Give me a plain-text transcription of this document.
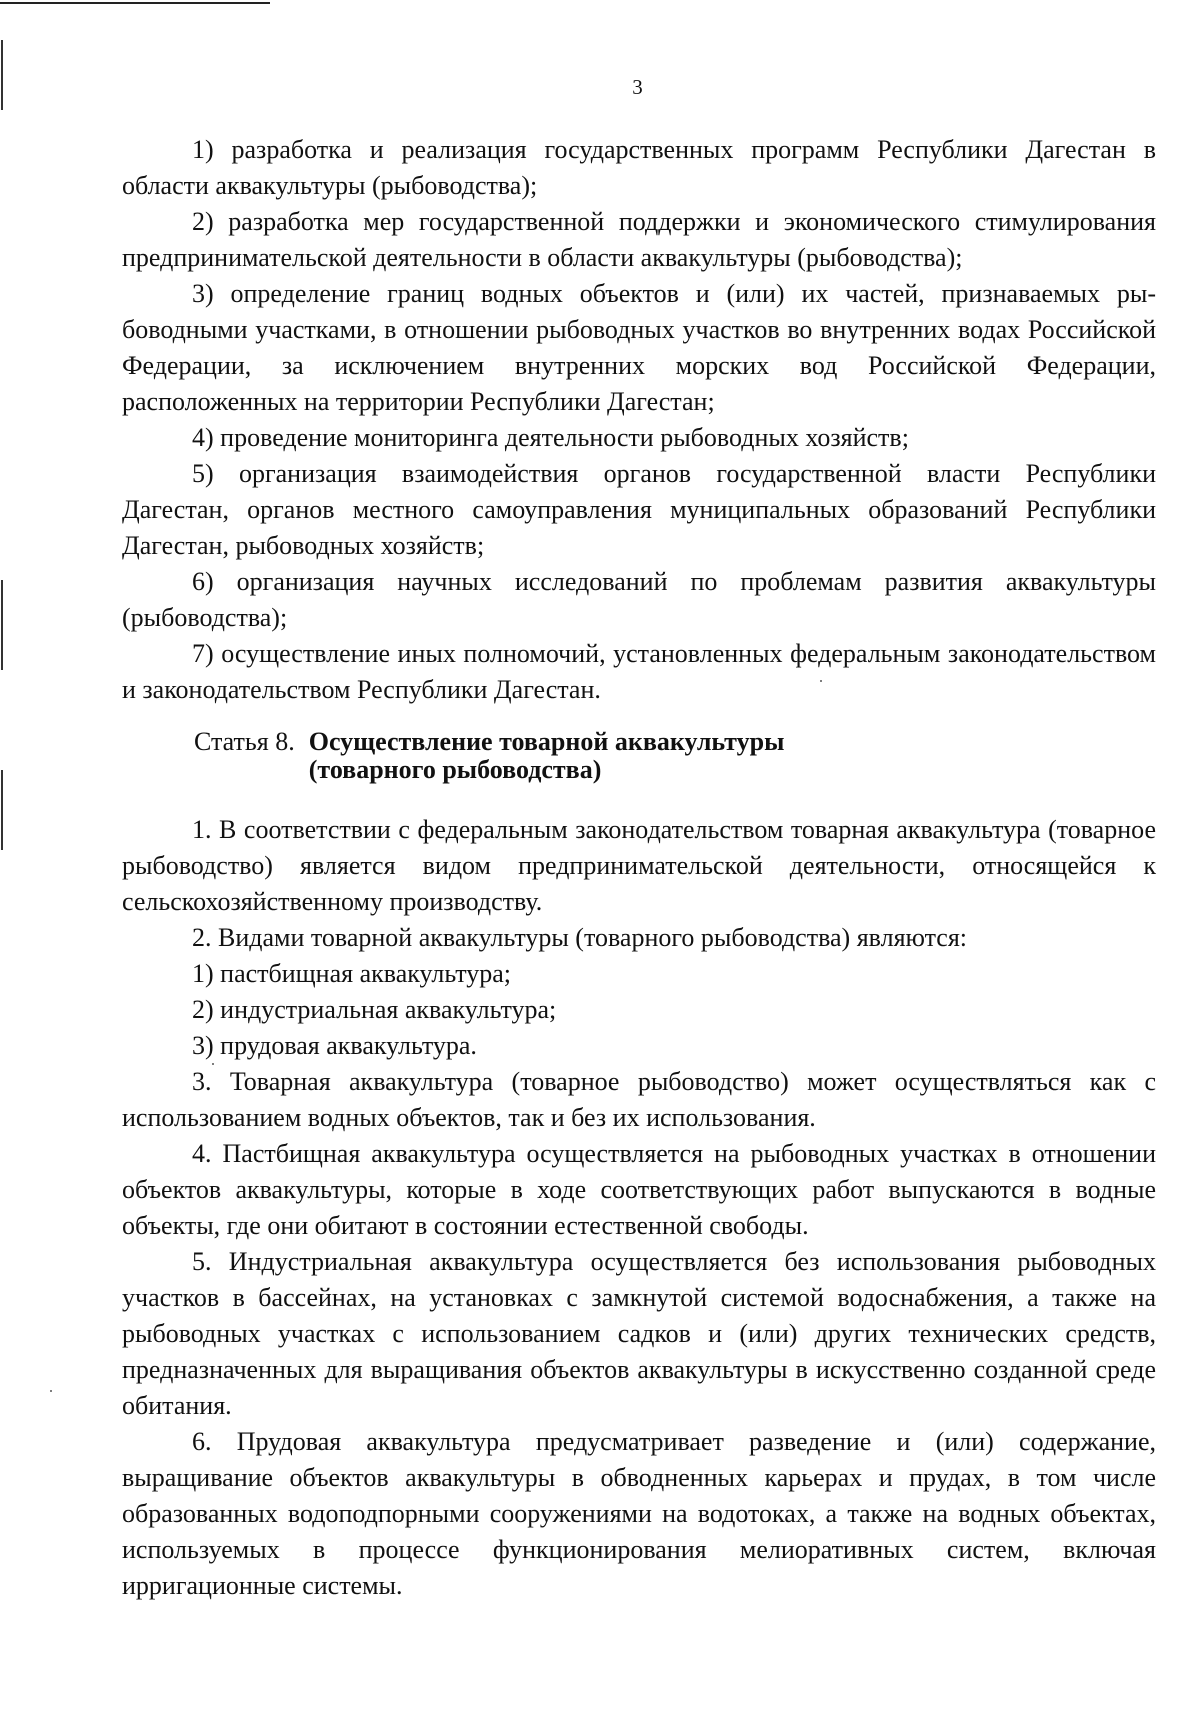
3

1) разработка и реализация государственных программ Республики Дагестан в области аквакультуры (рыбоводства);

2) разработка мер государственной поддержки и экономического стимулирования предпринимательской деятельности в области аквакультуры (рыбоводства);

3) определение границ водных объектов и (или) их частей, признаваемых рыбоводными участками, в отношении рыбоводных участков во внутренних водах Российской Федерации, за исключением внутренних морских вод Российской Федерации, расположенных на территории Республики Дагестан;

4) проведение мониторинга деятельности рыбоводных хозяйств;

5) организация взаимодействия органов государственной власти Республики Дагестан, органов местного самоуправления муниципальных образований Республики Дагестан, рыбоводных хозяйств;

6) организация научных исследований по проблемам развития аквакультуры (рыбоводства);

7) осуществление иных полномочий, установленных федеральным законодательством и законодательством Республики Дагестан.

Статья 8. Осуществление товарной аквакультуры
(товарного рыбоводства)

1. В соответствии с федеральным законодательством товарная аквакультура (товарное рыбоводство) является видом предпринимательской деятельности, относящейся к сельскохозяйственному производству.

2. Видами товарной аквакультуры (товарного рыбоводства) являются:

1) пастбищная аквакультура;

2) индустриальная аквакультура;

3) прудовая аквакультура.

3. Товарная аквакультура (товарное рыбоводство) может осуществляться как с использованием водных объектов, так и без их использования.

4. Пастбищная аквакультура осуществляется на рыбоводных участках в отношении объектов аквакультуры, которые в ходе соответствующих работ выпускаются в водные объекты, где они обитают в состоянии естественной свободы.

5. Индустриальная аквакультура осуществляется без использования рыбоводных участков в бассейнах, на установках с замкнутой системой водоснабжения, а также на рыбоводных участках с использованием садков и (или) других технических средств, предназначенных для выращивания объектов аквакультуры в искусственно созданной среде обитания.

6. Прудовая аквакультура предусматривает разведение и (или) содержание, выращивание объектов аквакультуры в обводненных карьерах и прудах, в том числе образованных водоподпорными сооружениями на водотоках, а также на водных объектах, используемых в процессе функционирования мелиоративных систем, включая ирригационные системы.
